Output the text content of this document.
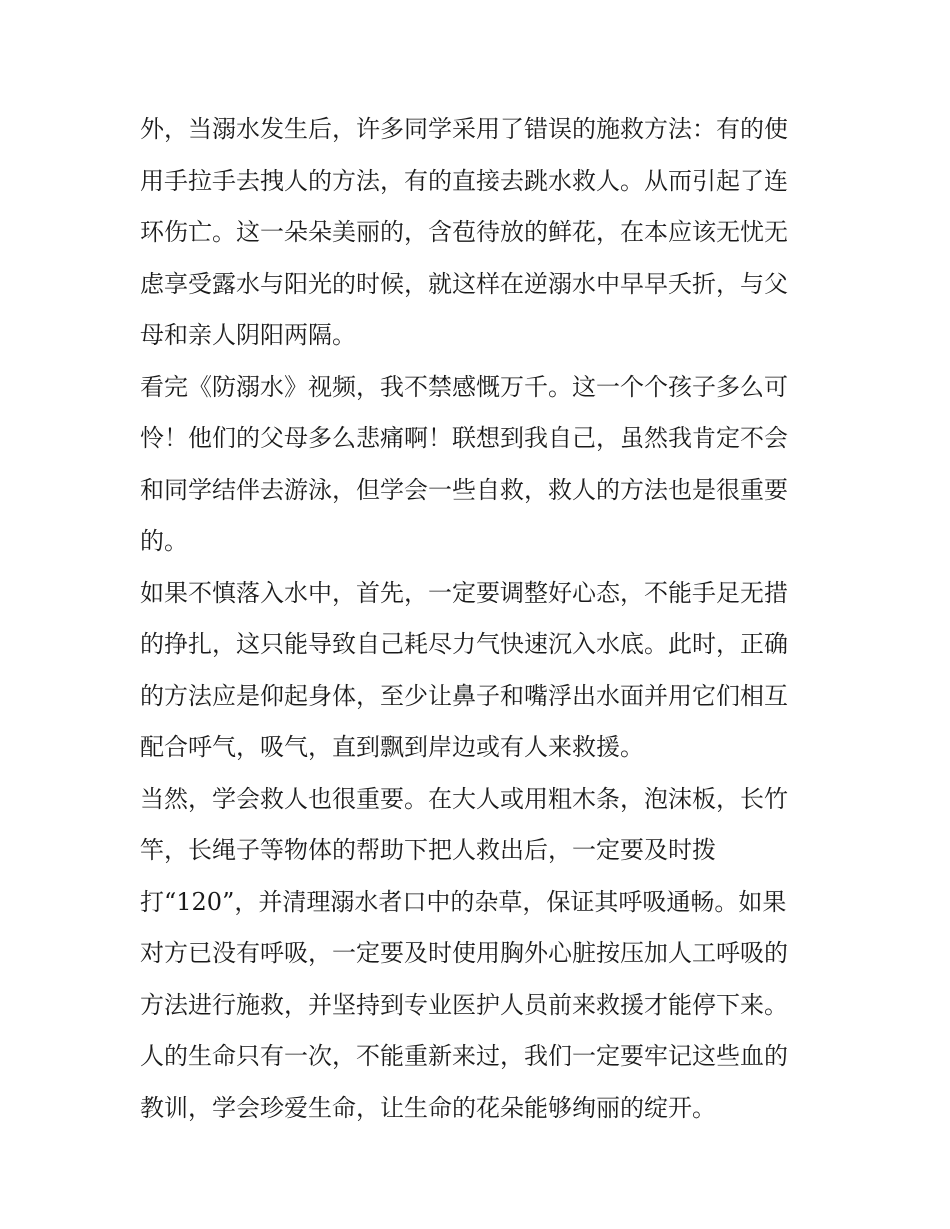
外，当溺水发生后，许多同学采用了错误的施救方法：有的使
用手拉手去拽人的方法，有的直接去跳水救人。从而引起了连
环伤亡。这一朵朵美丽的，含苞待放的鲜花，在本应该无忧无
虑享受露水与阳光的时候，就这样在逆溺水中早早夭折，与父
母和亲人阴阳两隔。
看完《防溺水》视频，我不禁感慨万千。这一个个孩子多么可
怜！他们的父母多么悲痛啊！联想到我自己，虽然我肯定不会
和同学结伴去游泳，但学会一些自救，救人的方法也是很重要
的。
如果不慎落入水中，首先，一定要调整好心态，不能手足无措
的挣扎，这只能导致自己耗尽力气快速沉入水底。此时，正确
的方法应是仰起身体，至少让鼻子和嘴浮出水面并用它们相互
配合呼气，吸气，直到飘到岸边或有人来救援。
当然，学会救人也很重要。在大人或用粗木条，泡沫板，长竹
竿，长绳子等物体的帮助下把人救出后，一定要及时拨
打“120”，并清理溺水者口中的杂草，保证其呼吸通畅。如果
对方已没有呼吸，一定要及时使用胸外心脏按压加人工呼吸的
方法进行施救，并坚持到专业医护人员前来救援才能停下来。
人的生命只有一次，不能重新来过，我们一定要牢记这些血的
教训，学会珍爱生命，让生命的花朵能够绚丽的绽开。
